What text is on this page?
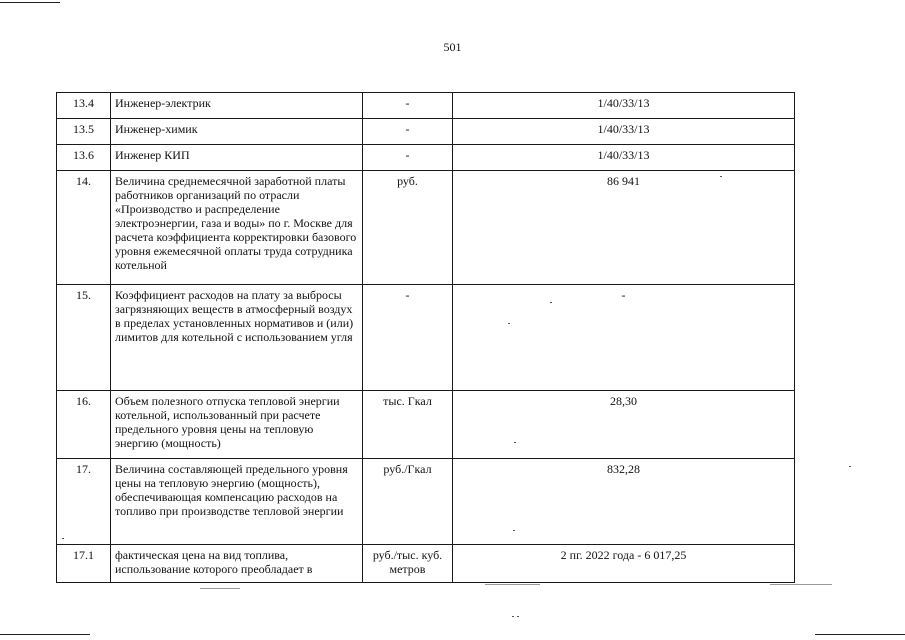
501
13.4	Инженер-электрик	-	1/40/33/13
13.5	Инженер-химик	-	1/40/33/13
13.6	Инженер КИП	-	1/40/33/13
14.	Величина среднемесячной заработной платы работников организаций по отрасли «Производство и распределение электроэнергии, газа и воды» по г. Москве для расчета коэффициента корректировки базового уровня ежемесячной оплаты труда сотрудника котельной	руб.	86 941
15.	Коэффициент расходов на плату за выбросы загрязняющих веществ в атмосферный воздух в пределах установленных нормативов и (или) лимитов для котельной с использованием угля	-	-
16.	Объем полезного отпуска тепловой энергии котельной, использованный при расчете предельного уровня цены на тепловую энергию (мощность)	тыс. Гкал	28,30
17.	Величина составляющей предельного уровня цены на тепловую энергию (мощность), обеспечивающая компенсацию расходов на топливо при производстве тепловой энергии	руб./Гкал	832,28
17.1	фактическая цена на вид топлива, использование которого преобладает в	руб./тыс. куб. метров	2 пг. 2022 года - 6 017,25
